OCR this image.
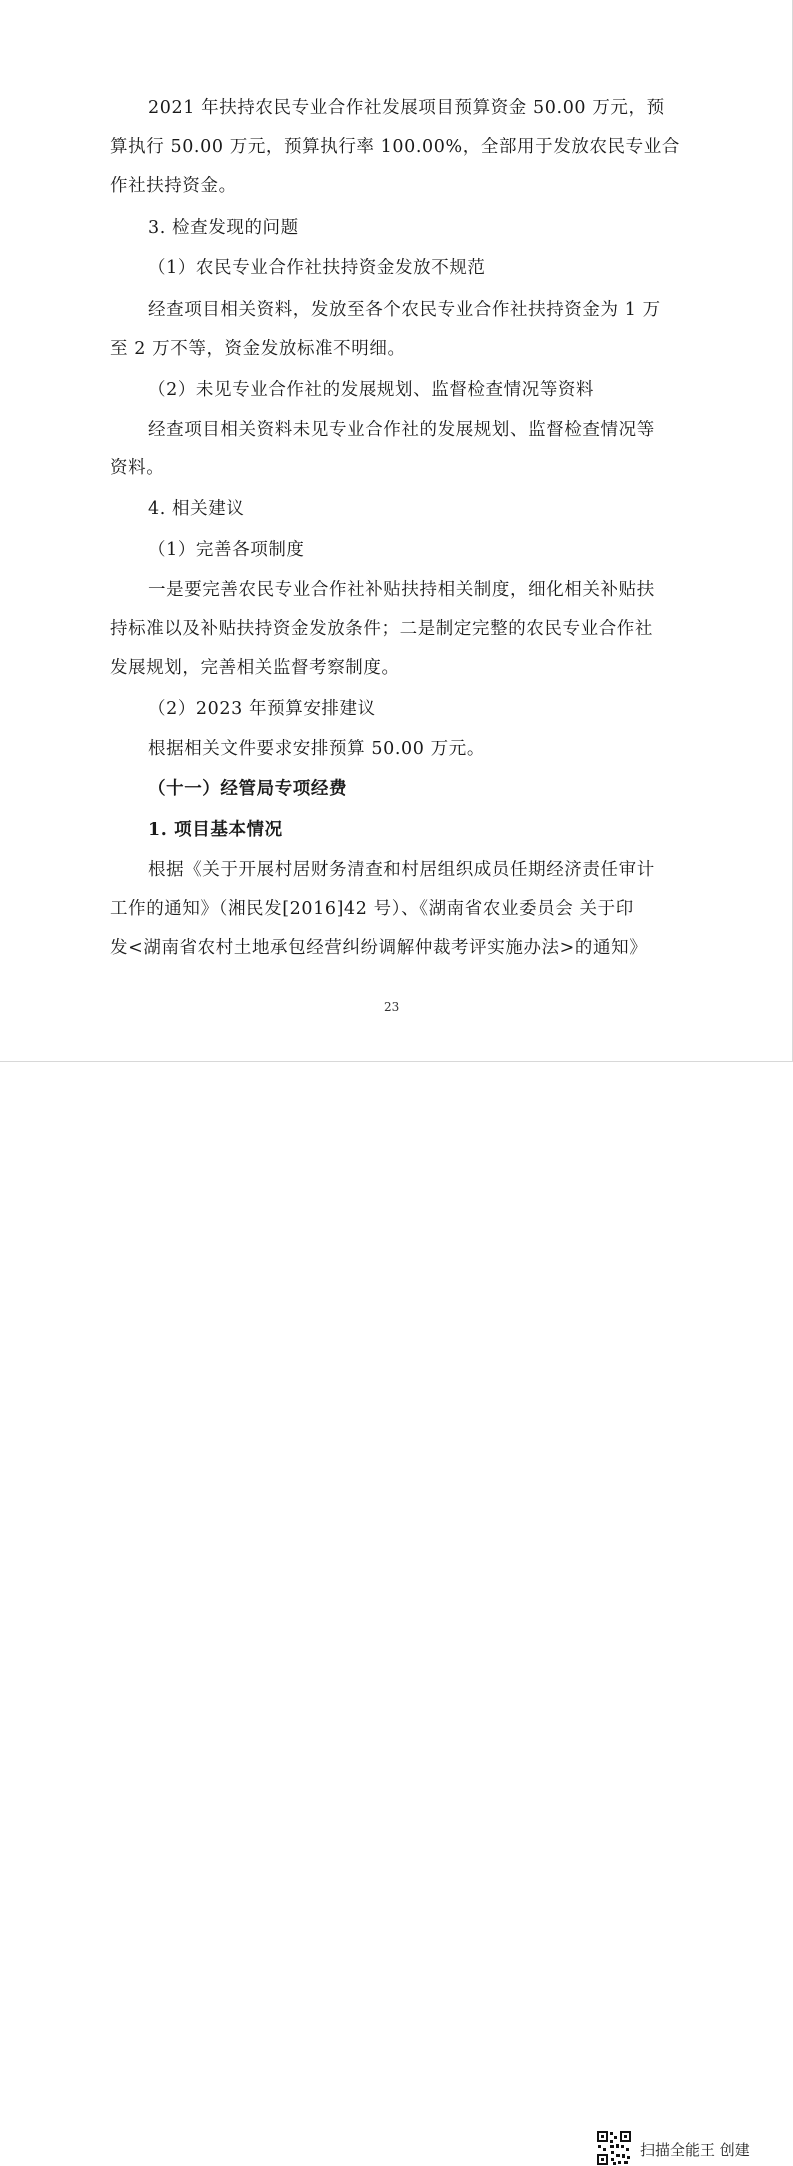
2021 年扶持农民专业合作社发展项目预算资金 50.00 万元，预
算执行 50.00 万元，预算执行率 100.00%，全部用于发放农民专业合
作社扶持资金。
3. 检查发现的问题
（1）农民专业合作社扶持资金发放不规范
经查项目相关资料，发放至各个农民专业合作社扶持资金为 1 万
至 2 万不等，资金发放标准不明细。
（2）未见专业合作社的发展规划、监督检查情况等资料
经查项目相关资料未见专业合作社的发展规划、监督检查情况等
资料。
4. 相关建议
（1）完善各项制度
一是要完善农民专业合作社补贴扶持相关制度，细化相关补贴扶
持标准以及补贴扶持资金发放条件；二是制定完整的农民专业合作社
发展规划，完善相关监督考察制度。
（2）2023 年预算安排建议
根据相关文件要求安排预算 50.00 万元。
（十一）经管局专项经费
1. 项目基本情况
根据《关于开展村居财务清查和村居组织成员任期经济责任审计
工作的通知》（湘民发[2016]42 号）、《湖南省农业委员会 关于印
发<湖南省农村土地承包经营纠纷调解仲裁考评实施办法>的通知》
23
扫描全能王 创建
